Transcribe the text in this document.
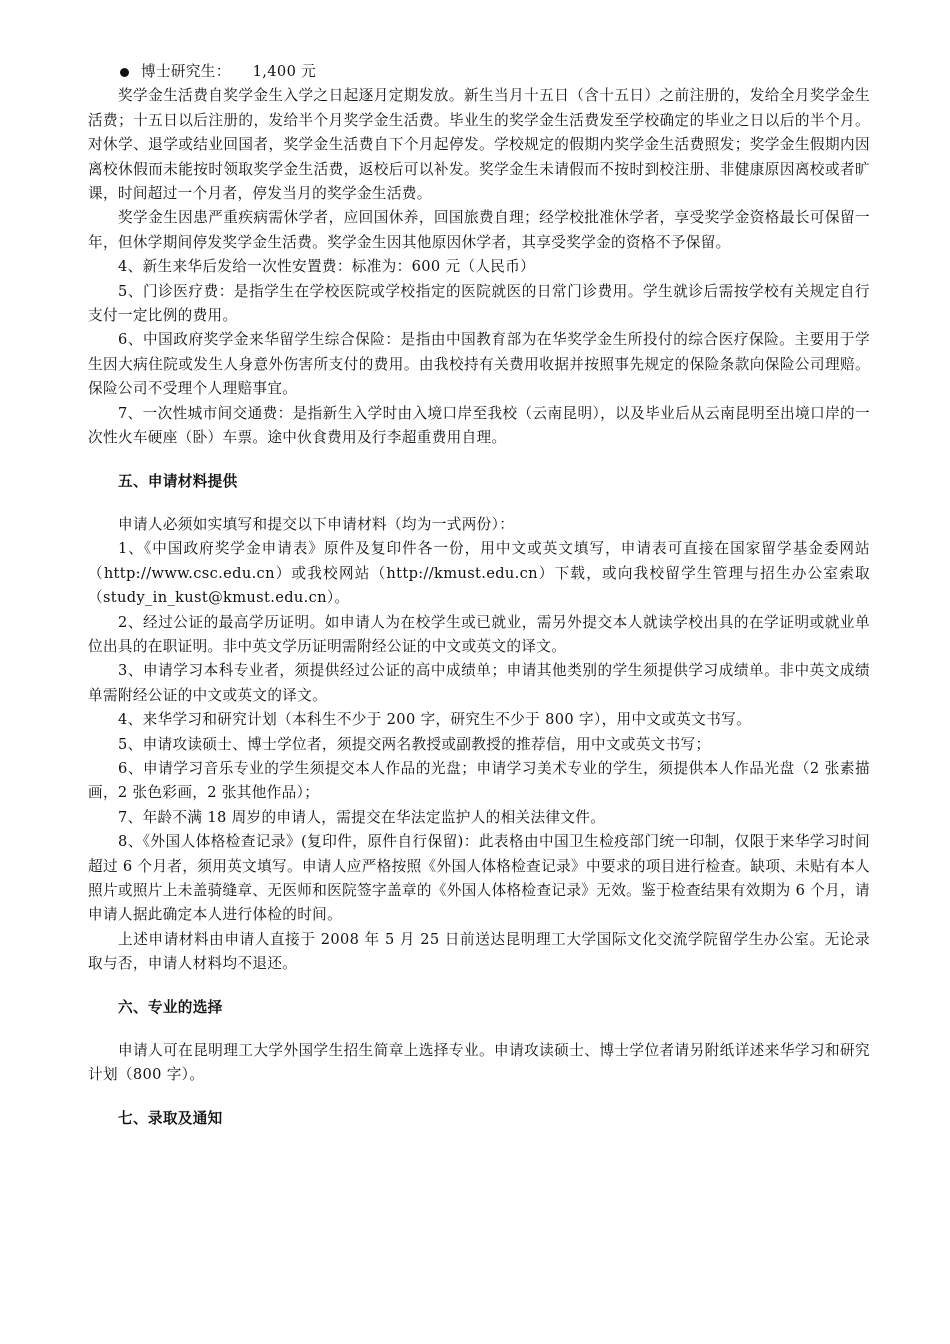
博士研究生： 1,400 元

奖学金生活费自奖学金生入学之日起逐月定期发放。新生当月十五日（含十五日）之前注册的，发给全月奖学金生活费；十五日以后注册的，发给半个月奖学金生活费。毕业生的奖学金生活费发至学校确定的毕业之日以后的半个月。对休学、退学或结业回国者，奖学金生活费自下个月起停发。学校规定的假期内奖学金生活费照发；奖学金生假期内因离校休假而未能按时领取奖学金生活费，返校后可以补发。奖学金生未请假而不按时到校注册、非健康原因离校或者旷课，时间超过一个月者，停发当月的奖学金生活费。

奖学金生因患严重疾病需休学者，应回国休养，回国旅费自理；经学校批准休学者，享受奖学金资格最长可保留一年，但休学期间停发奖学金生活费。奖学金生因其他原因休学者，其享受奖学金的资格不予保留。

4、新生来华后发给一次性安置费：标准为：600 元（人民币）

5、门诊医疗费：是指学生在学校医院或学校指定的医院就医的日常门诊费用。学生就诊后需按学校有关规定自行支付一定比例的费用。

6、中国政府奖学金来华留学生综合保险：是指由中国教育部为在华奖学金生所投付的综合医疗保险。主要用于学生因大病住院或发生人身意外伤害所支付的费用。由我校持有关费用收据并按照事先规定的保险条款向保险公司理赔。保险公司不受理个人理赔事宜。

7、一次性城市间交通费：是指新生入学时由入境口岸至我校（云南昆明），以及毕业后从云南昆明至出境口岸的一次性火车硬座（卧）车票。途中伙食费用及行李超重费用自理。

五、申请材料提供

申请人必须如实填写和提交以下申请材料（均为一式两份）：

1、《中国政府奖学金申请表》原件及复印件各一份，用中文或英文填写，申请表可直接在国家留学基金委网站（http://www.csc.edu.cn）或我校网站（http://kmust.edu.cn）下载，或向我校留学生管理与招生办公室索取（study_in_kust@kmust.edu.cn）。

2、经过公证的最高学历证明。如申请人为在校学生或已就业，需另外提交本人就读学校出具的在学证明或就业单位出具的在职证明。非中英文学历证明需附经公证的中文或英文的译文。

3、申请学习本科专业者，须提供经过公证的高中成绩单；申请其他类别的学生须提供学习成绩单。非中英文成绩单需附经公证的中文或英文的译文。

4、来华学习和研究计划（本科生不少于 200 字，研究生不少于 800 字），用中文或英文书写。

5、申请攻读硕士、博士学位者，须提交两名教授或副教授的推荐信，用中文或英文书写；

6、申请学习音乐专业的学生须提交本人作品的光盘；申请学习美术专业的学生，须提供本人作品光盘（2 张素描画，2 张色彩画，2 张其他作品）；

7、年龄不满 18 周岁的申请人，需提交在华法定监护人的相关法律文件。

8、《外国人体格检查记录》(复印件，原件自行保留)：此表格由中国卫生检疫部门统一印制，仅限于来华学习时间超过 6 个月者，须用英文填写。申请人应严格按照《外国人体格检查记录》中要求的项目进行检查。缺项、未贴有本人照片或照片上未盖骑缝章、无医师和医院签字盖章的《外国人体格检查记录》无效。鉴于检查结果有效期为 6 个月，请申请人据此确定本人进行体检的时间。

上述申请材料由申请人直接于 2008 年 5 月 25 日前送达昆明理工大学国际文化交流学院留学生办公室。无论录取与否，申请人材料均不退还。

六、专业的选择

申请人可在昆明理工大学外国学生招生简章上选择专业。申请攻读硕士、博士学位者请另附纸详述来华学习和研究计划（800 字）。

七、录取及通知
